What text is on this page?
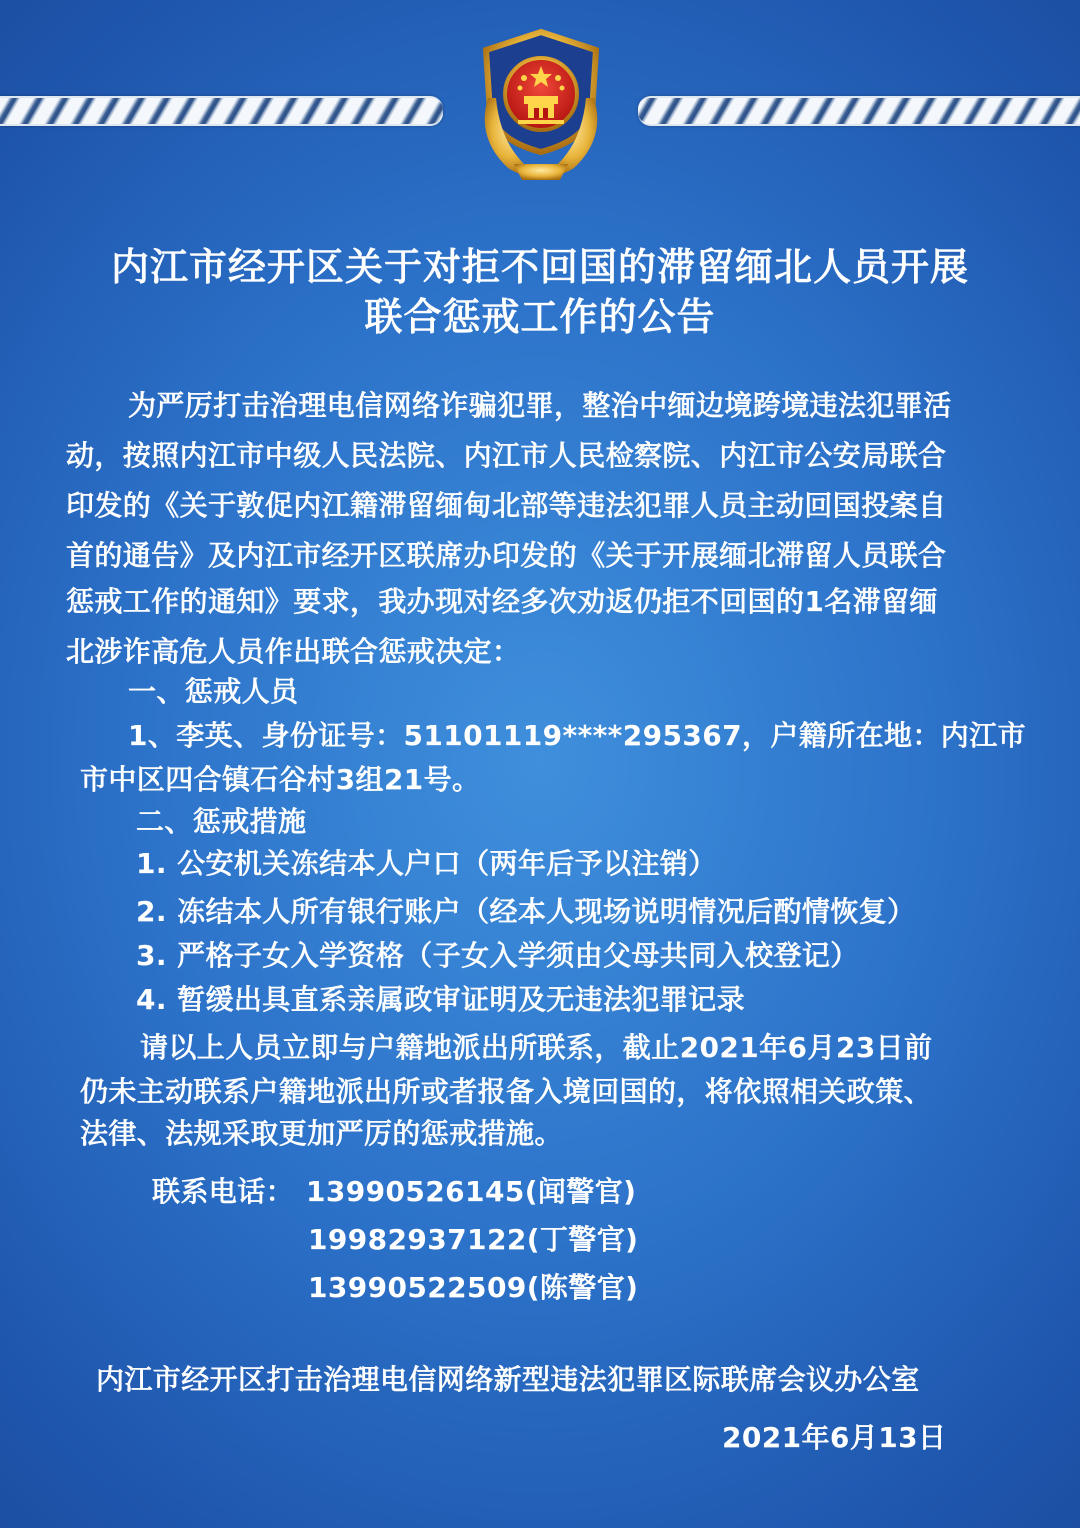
内江市经开区关于对拒不回国的滞留缅北人员开展
联合惩戒工作的公告
为严厉打击治理电信网络诈骗犯罪，整治中缅边境跨境违法犯罪活
动，按照内江市中级人民法院、内江市人民检察院、内江市公安局联合
印发的《关于敦促内江籍滞留缅甸北部等违法犯罪人员主动回国投案自
首的通告》及内江市经开区联席办印发的《关于开展缅北滞留人员联合
惩戒工作的通知》要求，我办现对经多次劝返仍拒不回国的1名滞留缅
北涉诈高危人员作出联合惩戒决定：
一、惩戒人员
1、李英、身份证号：51101119****295367，户籍所在地：内江市
市中区四合镇石谷村3组21号。
二、惩戒措施
1. 公安机关冻结本人户口（两年后予以注销）
2. 冻结本人所有银行账户（经本人现场说明情况后酌情恢复）
3. 严格子女入学资格（子女入学须由父母共同入校登记）
4. 暂缓出具直系亲属政审证明及无违法犯罪记录
请以上人员立即与户籍地派出所联系，截止2021年6月23日前
仍未主动联系户籍地派出所或者报备入境回国的，将依照相关政策、
法律、法规采取更加严厉的惩戒措施。
联系电话： 13990526145(闻警官)
19982937122(丁警官)
13990522509(陈警官)
内江市经开区打击治理电信网络新型违法犯罪区际联席会议办公室
2021年6月13日
